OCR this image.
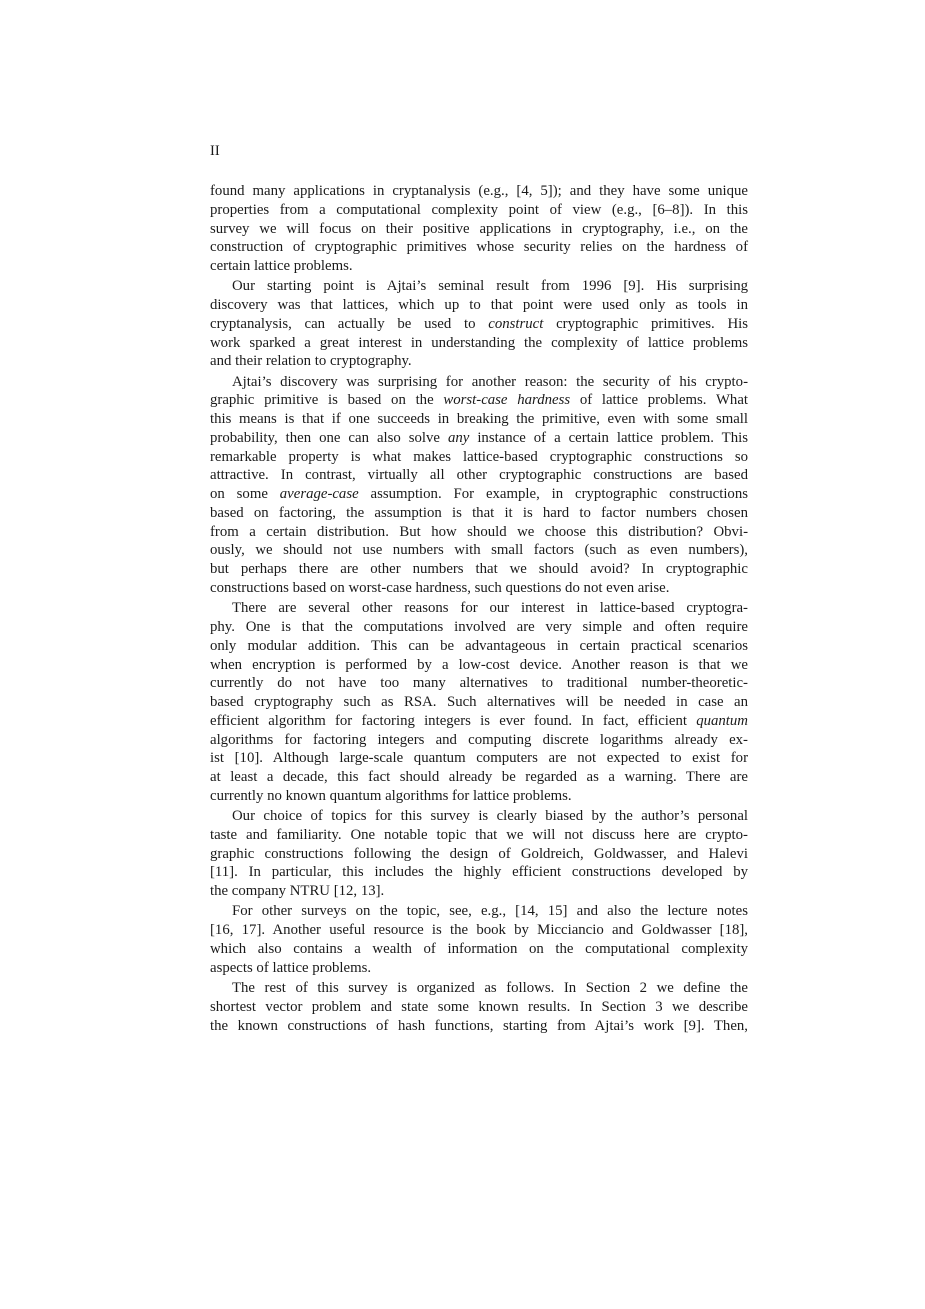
II
found many applications in cryptanalysis (e.g., [4, 5]); and they have some unique
properties from a computational complexity point of view (e.g., [6–8]). In this
survey we will focus on their positive applications in cryptography, i.e., on the
construction of cryptographic primitives whose security relies on the hardness of
certain lattice problems.
Our starting point is Ajtai’s seminal result from 1996 [9]. His surprising
discovery was that lattices, which up to that point were used only as tools in
cryptanalysis, can actually be used to construct cryptographic primitives. His
work sparked a great interest in understanding the complexity of lattice problems
and their relation to cryptography.
Ajtai’s discovery was surprising for another reason: the security of his crypto-
graphic primitive is based on the worst-case hardness of lattice problems. What
this means is that if one succeeds in breaking the primitive, even with some small
probability, then one can also solve any instance of a certain lattice problem. This
remarkable property is what makes lattice-based cryptographic constructions so
attractive. In contrast, virtually all other cryptographic constructions are based
on some average-case assumption. For example, in cryptographic constructions
based on factoring, the assumption is that it is hard to factor numbers chosen
from a certain distribution. But how should we choose this distribution? Obvi-
ously, we should not use numbers with small factors (such as even numbers),
but perhaps there are other numbers that we should avoid? In cryptographic
constructions based on worst-case hardness, such questions do not even arise.
There are several other reasons for our interest in lattice-based cryptogra-
phy. One is that the computations involved are very simple and often require
only modular addition. This can be advantageous in certain practical scenarios
when encryption is performed by a low-cost device. Another reason is that we
currently do not have too many alternatives to traditional number-theoretic-
based cryptography such as RSA. Such alternatives will be needed in case an
efficient algorithm for factoring integers is ever found. In fact, efficient quantum
algorithms for factoring integers and computing discrete logarithms already ex-
ist [10]. Although large-scale quantum computers are not expected to exist for
at least a decade, this fact should already be regarded as a warning. There are
currently no known quantum algorithms for lattice problems.
Our choice of topics for this survey is clearly biased by the author’s personal
taste and familiarity. One notable topic that we will not discuss here are crypto-
graphic constructions following the design of Goldreich, Goldwasser, and Halevi
[11]. In particular, this includes the highly efficient constructions developed by
the company NTRU [12, 13].
For other surveys on the topic, see, e.g., [14, 15] and also the lecture notes
[16, 17]. Another useful resource is the book by Micciancio and Goldwasser [18],
which also contains a wealth of information on the computational complexity
aspects of lattice problems.
The rest of this survey is organized as follows. In Section 2 we define the
shortest vector problem and state some known results. In Section 3 we describe
the known constructions of hash functions, starting from Ajtai’s work [9]. Then,
